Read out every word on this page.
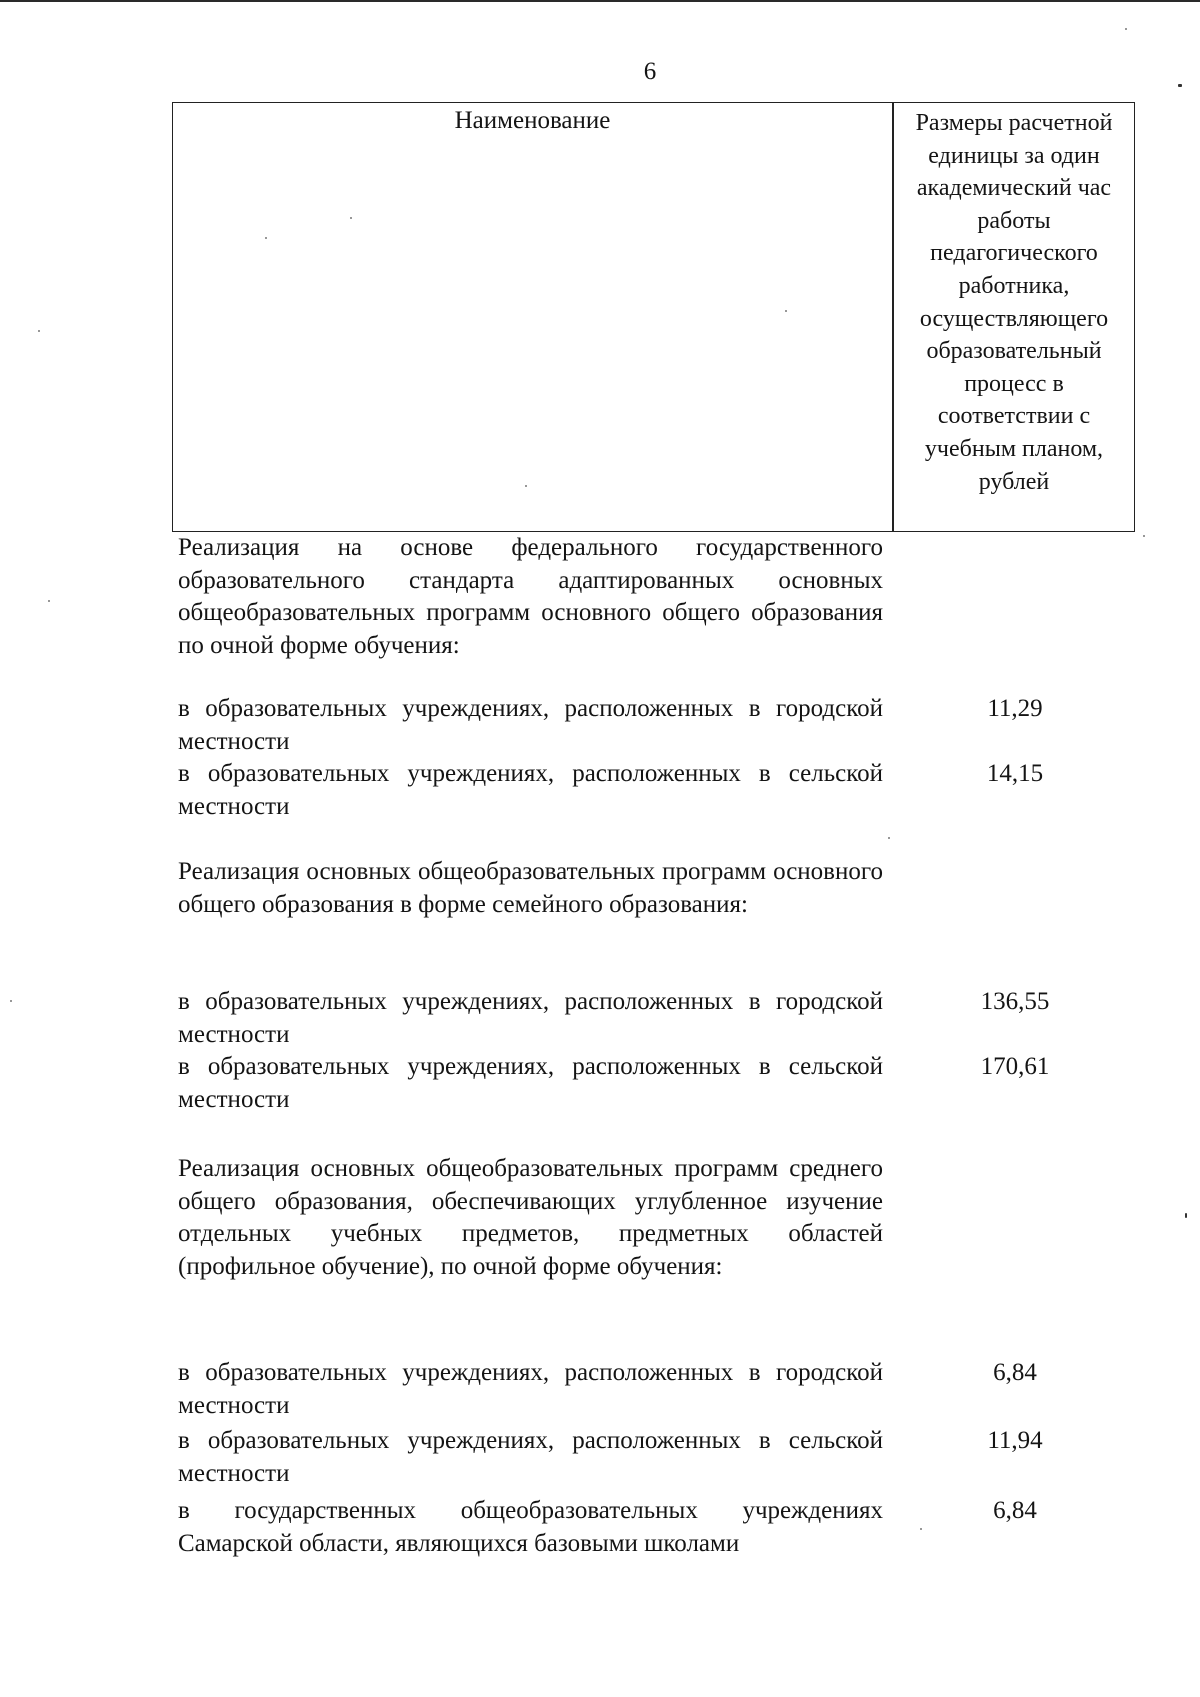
6
Наименование	Размеры расчетной единицы за один академический час работы педагогического работника, осуществляющего образовательный процесс в соответствии с учебным планом, рублей
Реализация на основе федерального государственного образовательного стандарта адаптированных основных общеобразовательных программ основного общего образования по очной форме обучения:
в образовательных учреждениях, расположенных в городской местности
11,29
в образовательных учреждениях, расположенных в сельской местности
14,15
Реализация основных общеобразовательных программ основного общего образования в форме семейного образования:
в образовательных учреждениях, расположенных в городской местности
136,55
в образовательных учреждениях, расположенных в сельской местности
170,61
Реализация основных общеобразовательных программ среднего общего образования, обеспечивающих углубленное изучение отдельных учебных предметов, предметных областей (профильное обучение), по очной форме обучения:
в образовательных учреждениях, расположенных в городской местности
6,84
в образовательных учреждениях, расположенных в сельской местности
11,94
в государственных общеобразовательных учреждениях Самарской области, являющихся базовыми школами
6,84
